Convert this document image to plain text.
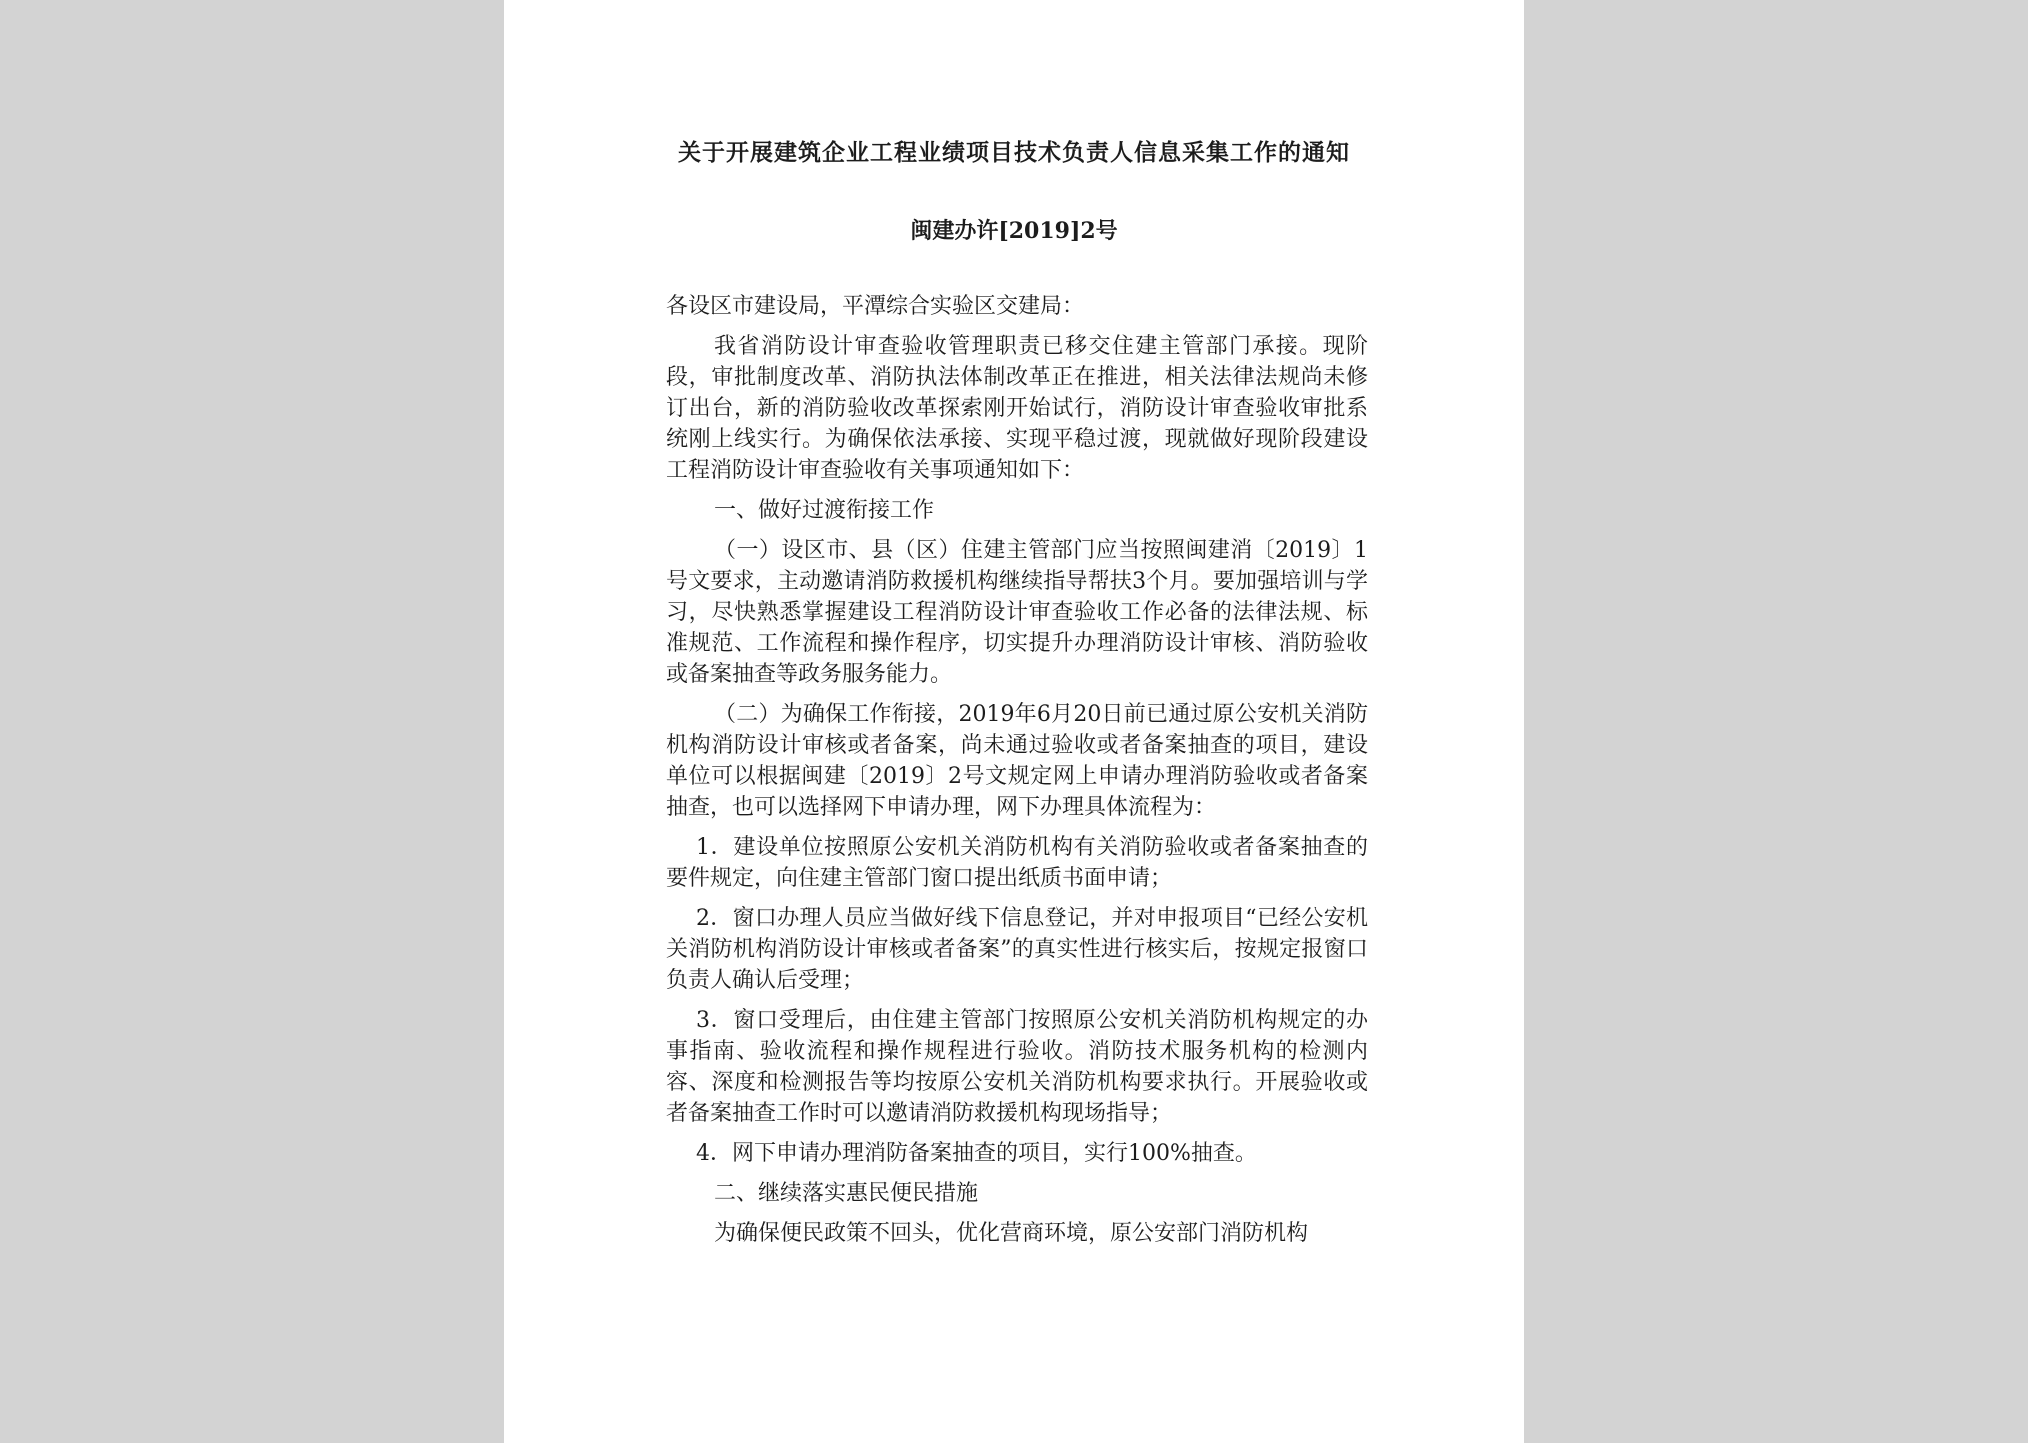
关于开展建筑企业工程业绩项目技术负责人信息采集工作的通知
闽建办许[2019]2号

各设区市建设局，平潭综合实验区交建局：

我省消防设计审查验收管理职责已移交住建主管部门承接。现阶段，审批制度改革、消防执法体制改革正在推进，相关法律法规尚未修订出台，新的消防验收改革探索刚开始试行，消防设计审查验收审批系统刚上线实行。为确保依法承接、实现平稳过渡，现就做好现阶段建设工程消防设计审查验收有关事项通知如下：

一、做好过渡衔接工作

（一）设区市、县（区）住建主管部门应当按照闽建消〔2019〕1号文要求，主动邀请消防救援机构继续指导帮扶3个月。要加强培训与学习，尽快熟悉掌握建设工程消防设计审查验收工作必备的法律法规、标准规范、工作流程和操作程序，切实提升办理消防设计审核、消防验收或备案抽查等政务服务能力。

（二）为确保工作衔接，2019年6月20日前已通过原公安机关消防机构消防设计审核或者备案，尚未通过验收或者备案抽查的项目，建设单位可以根据闽建〔2019〕2号文规定网上申请办理消防验收或者备案抽查，也可以选择网下申请办理，网下办理具体流程为：

1．建设单位按照原公安机关消防机构有关消防验收或者备案抽查的要件规定，向住建主管部门窗口提出纸质书面申请；

2．窗口办理人员应当做好线下信息登记，并对申报项目“已经公安机关消防机构消防设计审核或者备案”的真实性进行核实后，按规定报窗口负责人确认后受理；

3．窗口受理后，由住建主管部门按照原公安机关消防机构规定的办事指南、验收流程和操作规程进行验收。消防技术服务机构的检测内容、深度和检测报告等均按原公安机关消防机构要求执行。开展验收或者备案抽查工作时可以邀请消防救援机构现场指导；

4．网下申请办理消防备案抽查的项目，实行100%抽查。

二、继续落实惠民便民措施

为确保便民政策不回头，优化营商环境，原公安部门消防机构
